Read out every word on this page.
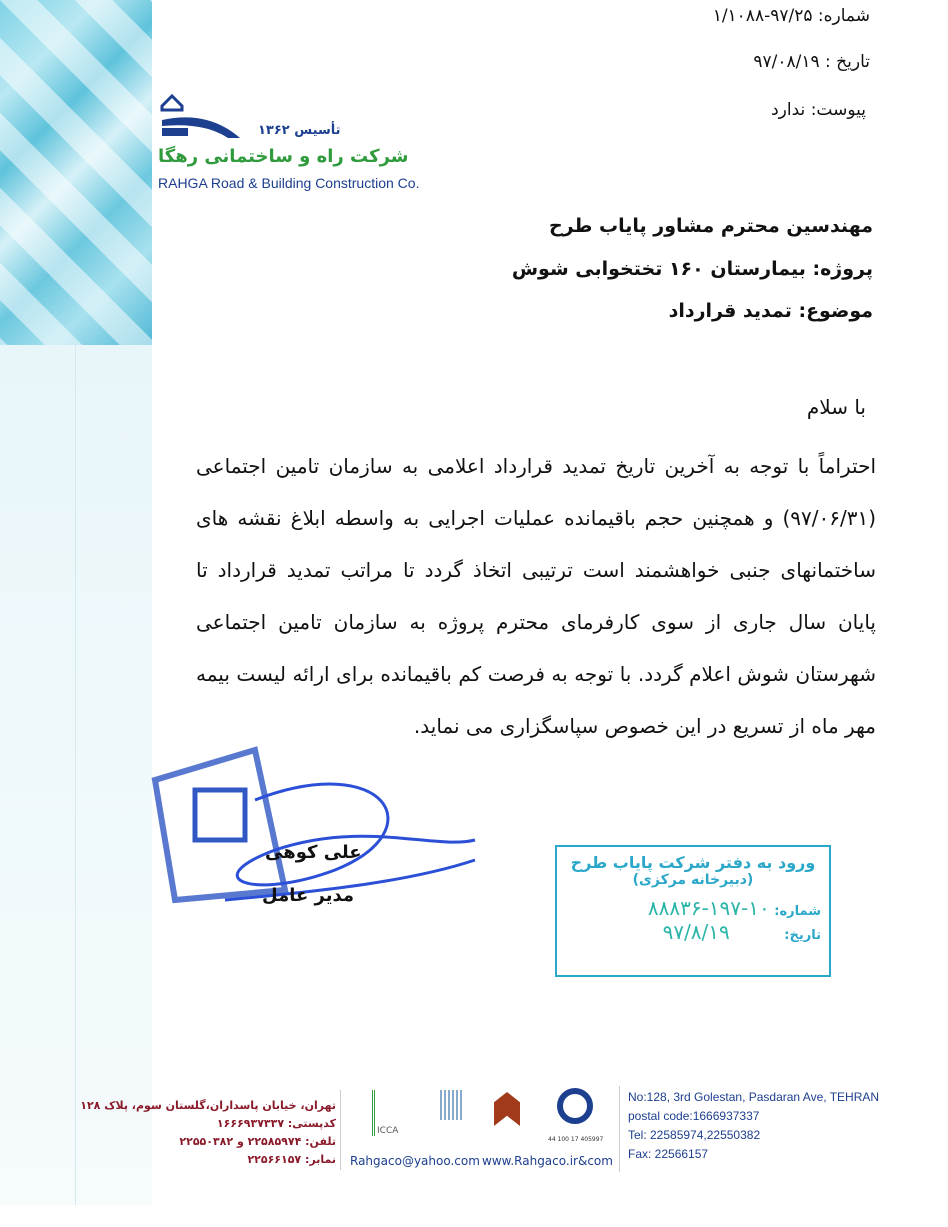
شماره: ۹۷/۲۵-۱/۱۰۸۸
تاریخ : ۹۷/۰۸/۱۹
پیوست: ندارد
تأسیس ۱۳۶۲
شرکت راه و ساختمانی رهگا
RAHGA Road & Building Construction Co.
مهندسین محترم مشاور پایاب طرح
پروژه: بیمارستان ۱۶۰ تختخوابی شوش
موضوع: تمدید قرارداد
با سلام
احتراماً با توجه به آخرین تاریخ تمدید قرارداد اعلامی به سازمان تامین اجتماعی (۹۷/۰۶/۳۱) و همچنین حجم باقیمانده عملیات اجرایی به واسطه ابلاغ نقشه های ساختمانهای جنبی خواهشمند است ترتیبی اتخاذ گردد تا مراتب تمدید قرارداد تا پایان سال جاری از سوی کارفرمای محترم پروژه به سازمان تامین اجتماعی شهرستان شوش اعلام گردد. با توجه به فرصت کم باقیمانده برای ارائه لیست بیمه مهر ماه از تسریع در این خصوص سپاسگزاری می نماید.
علی کوهی
مدیر عامل
ورود به دفتر شرکت پایاب طرح
(دبیرخانه مرکزی)
شماره: ۱۰-۱۹۷-۸۸۸۳۶
تاریخ: ۹۷/۸/۱۹
تهران، خیابان پاسداران،گلستان سوم، پلاک ۱۲۸
کدپستی: ۱۶۶۶۹۳۷۳۳۷
تلفن: ۲۲۵۸۵۹۷۴ و ۲۲۵۵۰۳۸۲
نمابر: ۲۲۵۶۶۱۵۷
ICCA
44 100 17 405997
Rahgaco@yahoo.com www.Rahgaco.ir&com
No:128, 3rd Golestan, Pasdaran Ave, TEHRAN
postal code:1666937337
Tel: 22585974,22550382
Fax: 22566157
